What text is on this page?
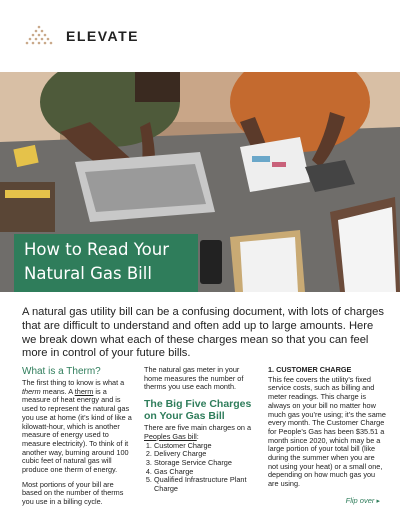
ELEVATE
How to Read Your
Natural Gas Bill
A natural gas utility bill can be a confusing document, with lots of charges that are difficult to understand and often add up to large amounts. Here we break down what each of these charges mean so that you can feel more in control of your future bills.
What is a Therm?
The first thing to know is what a therm means. A therm is a measure of heat energy and is used to represent the natural gas you use at home (it’s kind of like a kilowatt-hour, which is another measure of energy used to measure electricity). To think of it another way, burning around 100 cubic feet of natural gas will produce one therm of energy.
Most portions of your bill are based on the number of therms you use in a billing cycle.
The natural gas meter in your home measures the number of therms you use each month.
The Big Five Charges on Your Gas Bill
There are five main charges on a Peoples Gas bill:
1. Customer Charge
2. Delivery Charge
3. Storage Service Charge
4. Gas Charge
5. Qualified Infrastructure Plant Charge
1. CUSTOMER CHARGE
This fee covers the utility’s fixed service costs, such as billing and meter readings. This charge is always on your bill no matter how much gas you’re using; it’s the same every month. The Customer Charge for People’s Gas has been $35.51 a month since 2020, which may be a large portion of your total bill (like during the summer when you are not using your heat) or a small one, depending on how much gas you are using.
Flip over ▸
